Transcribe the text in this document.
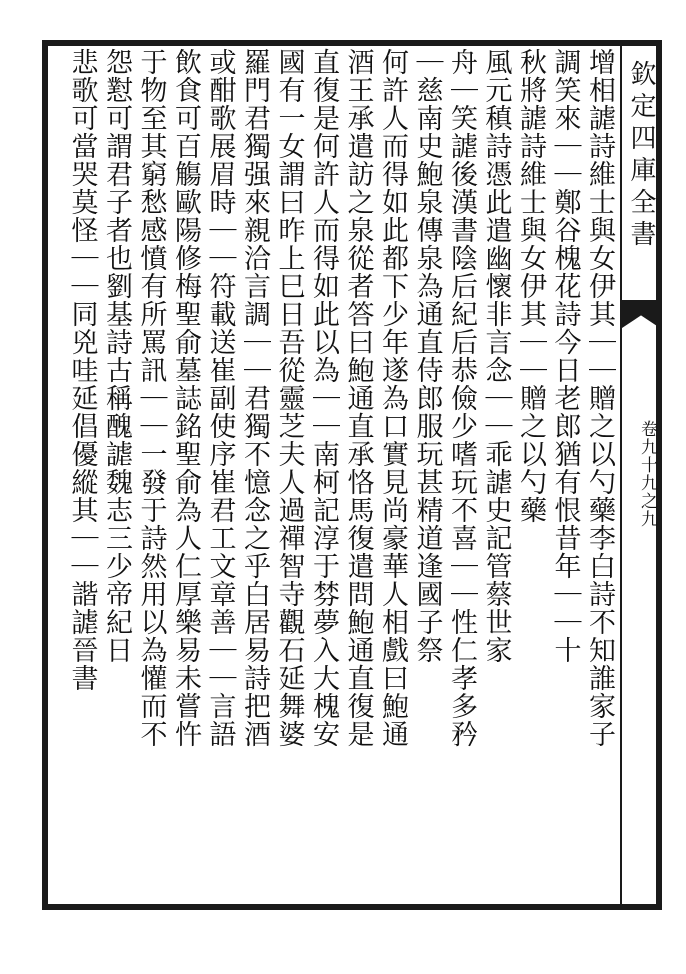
欽定四庫全書
卷九十九之九

增相謔詩維士與女伊其｜｜贈之以勺藥李白詩不知誰家子

調笑來｜｜鄭谷槐花詩今日老郎猶有恨昔年｜｜十

秋將謔詩維士與女伊其｜｜贈之以勺藥

風元稹詩憑此遣幽懷非言念｜｜乖謔史記管蔡世家

舟｜笑謔後漢書陰后紀后恭儉少嗜玩不喜｜｜性仁孝多矜

｜慈南史鮑泉傳泉為通直侍郎服玩甚精道逢國子祭

何許人而得如此都下少年遂為口實見尚豪華人相戲曰鮑通

酒王承遣訪之泉從者答曰鮑通直承恪馬復遣問鮑通直復是

直復是何許人而得如此以為｜｜南柯記淳于棼夢入大槐安

國有一女謂曰昨上巳日吾從靈芝夫人過禪智寺觀石延舞婆

羅門君獨强來親洽言調｜｜君獨不憶念之乎白居易詩把酒

或酣歌展眉時｜｜符載送崔副使序崔君工文章善｜｜言語

飲食可百觴歐陽修梅聖俞墓誌銘聖俞為人仁厚樂易未嘗忤

于物至其窮愁感憤有所罵訊｜｜一發于詩然用以為懽而不

怨懟可謂君子者也劉基詩古稱醜謔魏志三少帝紀日

悲歌可當哭莫怪｜｜同兇哇延倡優縱其｜｜諧謔晉書
